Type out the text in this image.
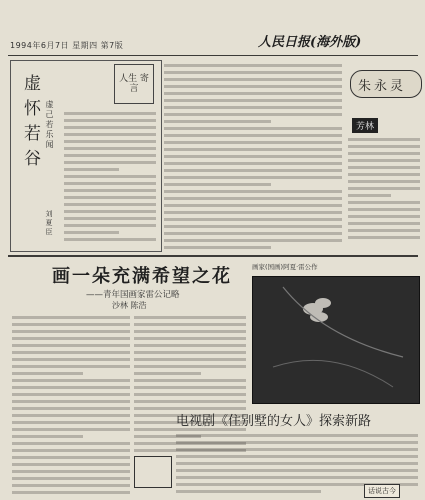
1994年6月7日 星期四 第7版	人民日报(海外版)
虚怀若谷 虚己若乐闻
刘夏臣
人生 寄 言	朱永灵
芳林
画一朵充满希望之花
——青年国画家雷公记略
沙林 陈浩
画家(国画)阿夏·雷公作
电视剧《住别墅的女人》探索新路
话说古今
